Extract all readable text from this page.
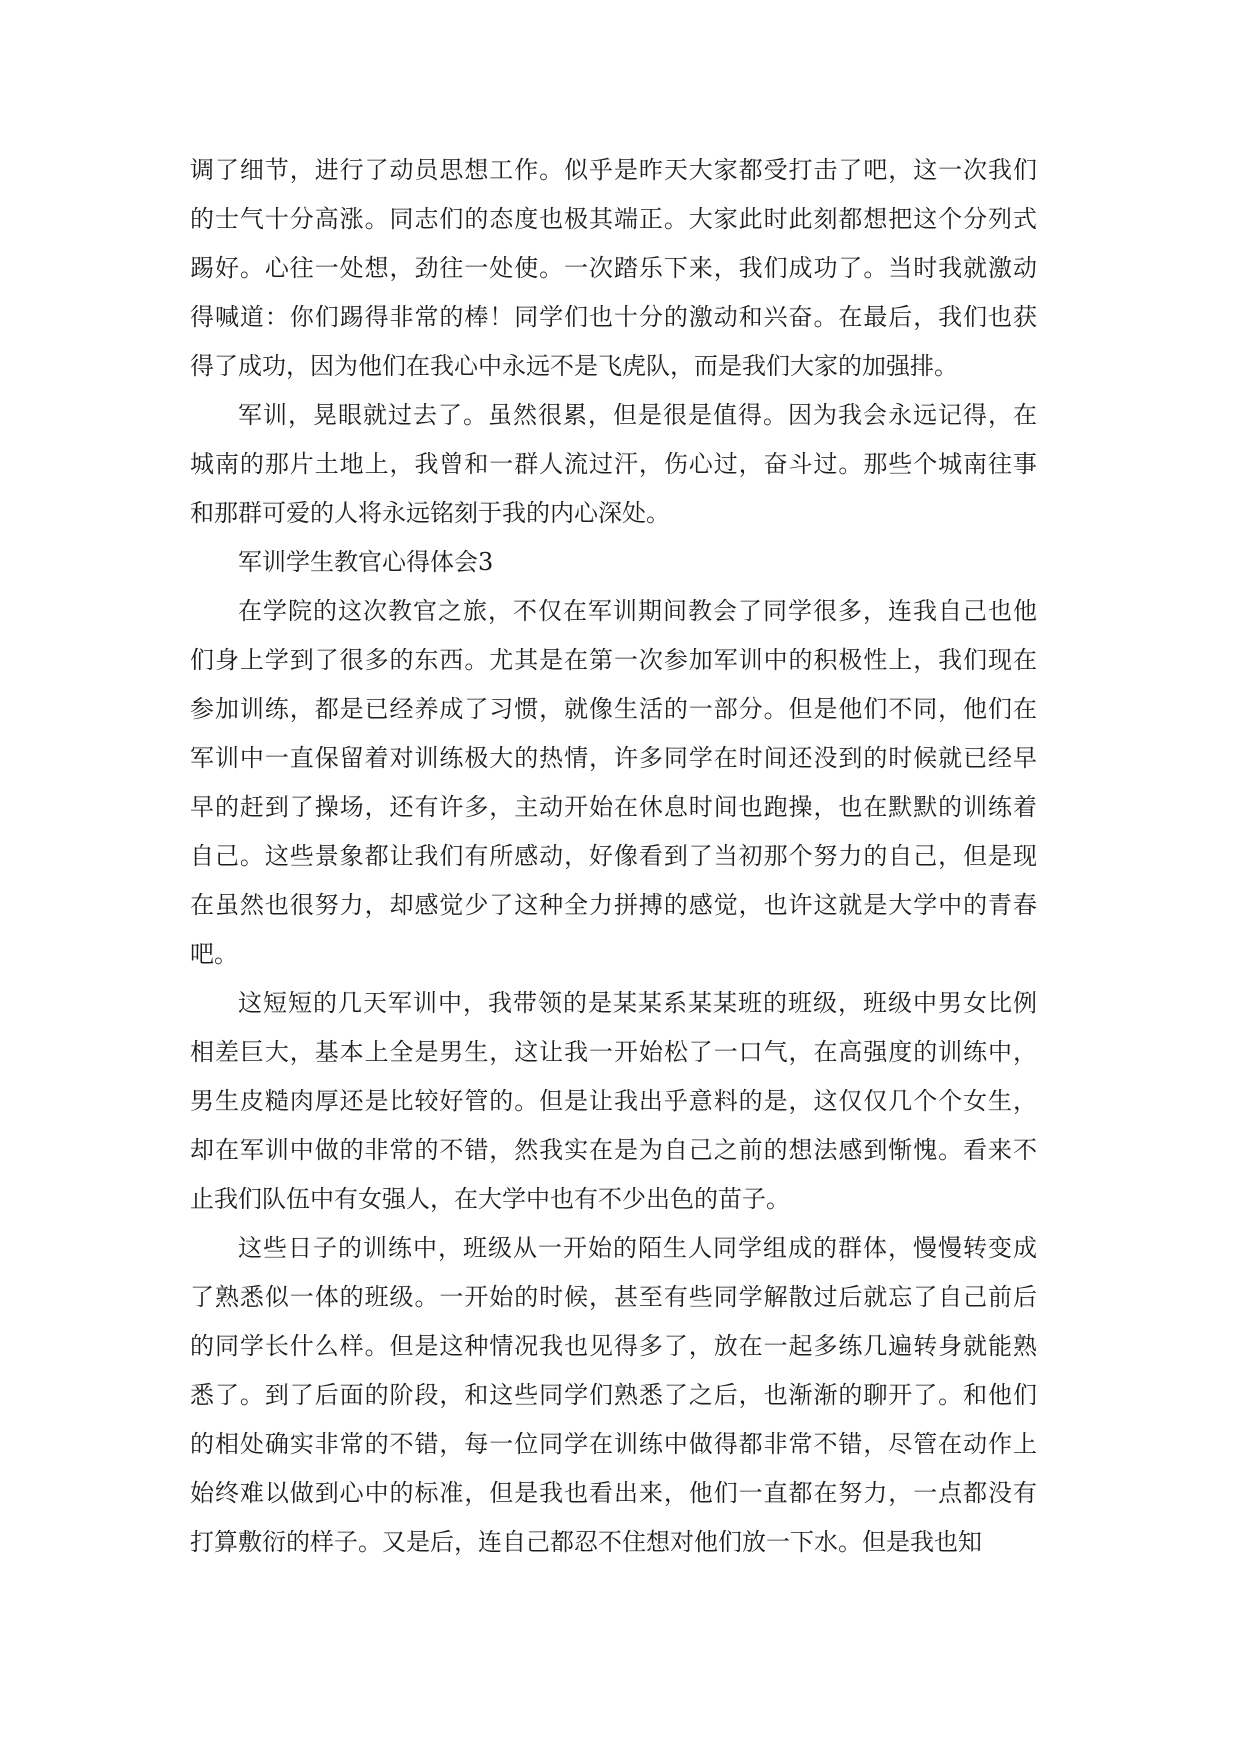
调了细节，进行了动员思想工作。似乎是昨天大家都受打击了吧，这一次我们
的士气十分高涨。同志们的态度也极其端正。大家此时此刻都想把这个分列式
踢好。心往一处想，劲往一处使。一次踏乐下来，我们成功了。当时我就激动
得喊道：你们踢得非常的棒！同学们也十分的激动和兴奋。在最后，我们也获
得了成功，因为他们在我心中永远不是飞虎队，而是我们大家的加强排。
军训，晃眼就过去了。虽然很累，但是很是值得。因为我会永远记得，在
城南的那片土地上，我曾和一群人流过汗，伤心过，奋斗过。那些个城南往事
和那群可爱的人将永远铭刻于我的内心深处。
军训学生教官心得体会3
在学院的这次教官之旅，不仅在军训期间教会了同学很多，连我自己也他
们身上学到了很多的东西。尤其是在第一次参加军训中的积极性上，我们现在
参加训练，都是已经养成了习惯，就像生活的一部分。但是他们不同，他们在
军训中一直保留着对训练极大的热情，许多同学在时间还没到的时候就已经早
早的赶到了操场，还有许多，主动开始在休息时间也跑操，也在默默的训练着
自己。这些景象都让我们有所感动，好像看到了当初那个努力的自己，但是现
在虽然也很努力，却感觉少了这种全力拼搏的感觉，也许这就是大学中的青春
吧。
这短短的几天军训中，我带领的是某某系某某班的班级，班级中男女比例
相差巨大，基本上全是男生，这让我一开始松了一口气，在高强度的训练中，
男生皮糙肉厚还是比较好管的。但是让我出乎意料的是，这仅仅几个个女生，
却在军训中做的非常的不错，然我实在是为自己之前的想法感到惭愧。看来不
止我们队伍中有女强人，在大学中也有不少出色的苗子。
这些日子的训练中，班级从一开始的陌生人同学组成的群体，慢慢转变成
了熟悉似一体的班级。一开始的时候，甚至有些同学解散过后就忘了自己前后
的同学长什么样。但是这种情况我也见得多了，放在一起多练几遍转身就能熟
悉了。到了后面的阶段，和这些同学们熟悉了之后，也渐渐的聊开了。和他们
的相处确实非常的不错，每一位同学在训练中做得都非常不错，尽管在动作上
始终难以做到心中的标准，但是我也看出来，他们一直都在努力，一点都没有
打算敷衍的样子。又是后，连自己都忍不住想对他们放一下水。但是我也知
